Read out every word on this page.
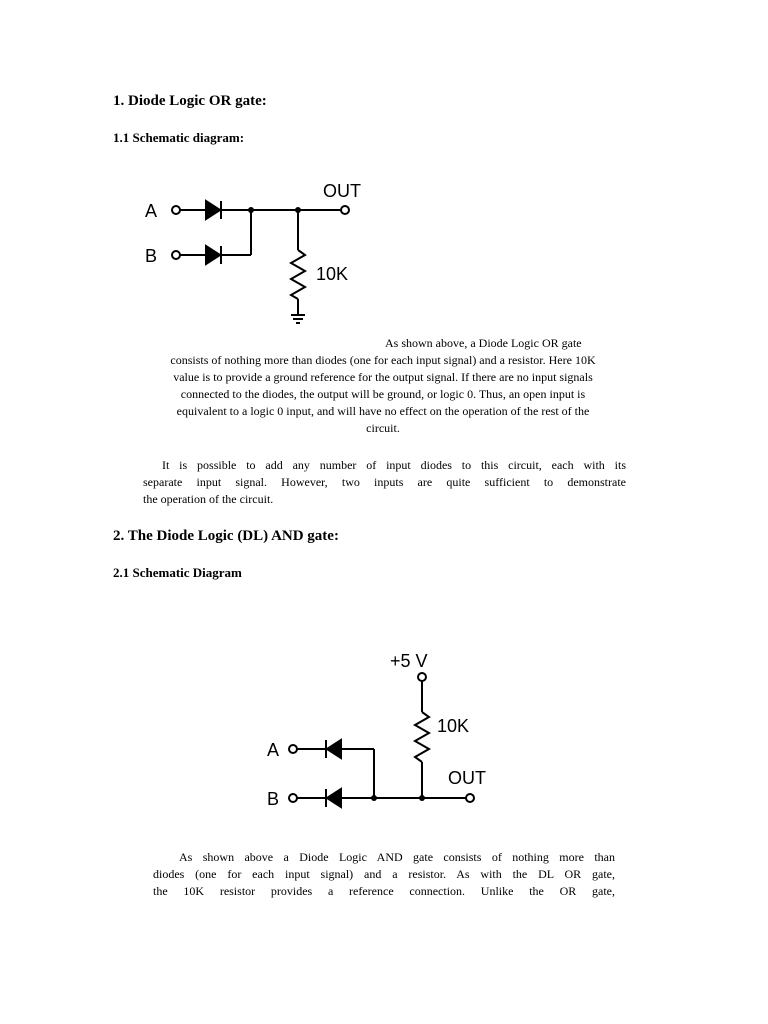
1. Diode Logic OR gate:
1.1 Schematic diagram:
A
B
OUT
10K
As shown above, a Diode Logic OR gate
consists of nothing more than diodes (one for each input signal) and a resistor. Here 10K
value is to provide a ground reference for the output signal. If there are no input signals
connected to the diodes, the output will be ground, or logic 0. Thus, an open input is
equivalent to a logic 0 input, and will have no effect on the operation of the rest of the
circuit.
It is possible to add any number of input diodes to this circuit, each with its
separate input signal. However, two inputs are quite sufficient to demonstrate
the operation of the circuit.
2. The Diode Logic (DL) AND gate:
2.1 Schematic Diagram
+5 V
10K
A
B
OUT
As shown above a Diode Logic AND gate consists of nothing more than
diodes (one for each input signal) and a resistor. As with the DL OR gate,
the 10K resistor provides a reference connection. Unlike the OR gate,
